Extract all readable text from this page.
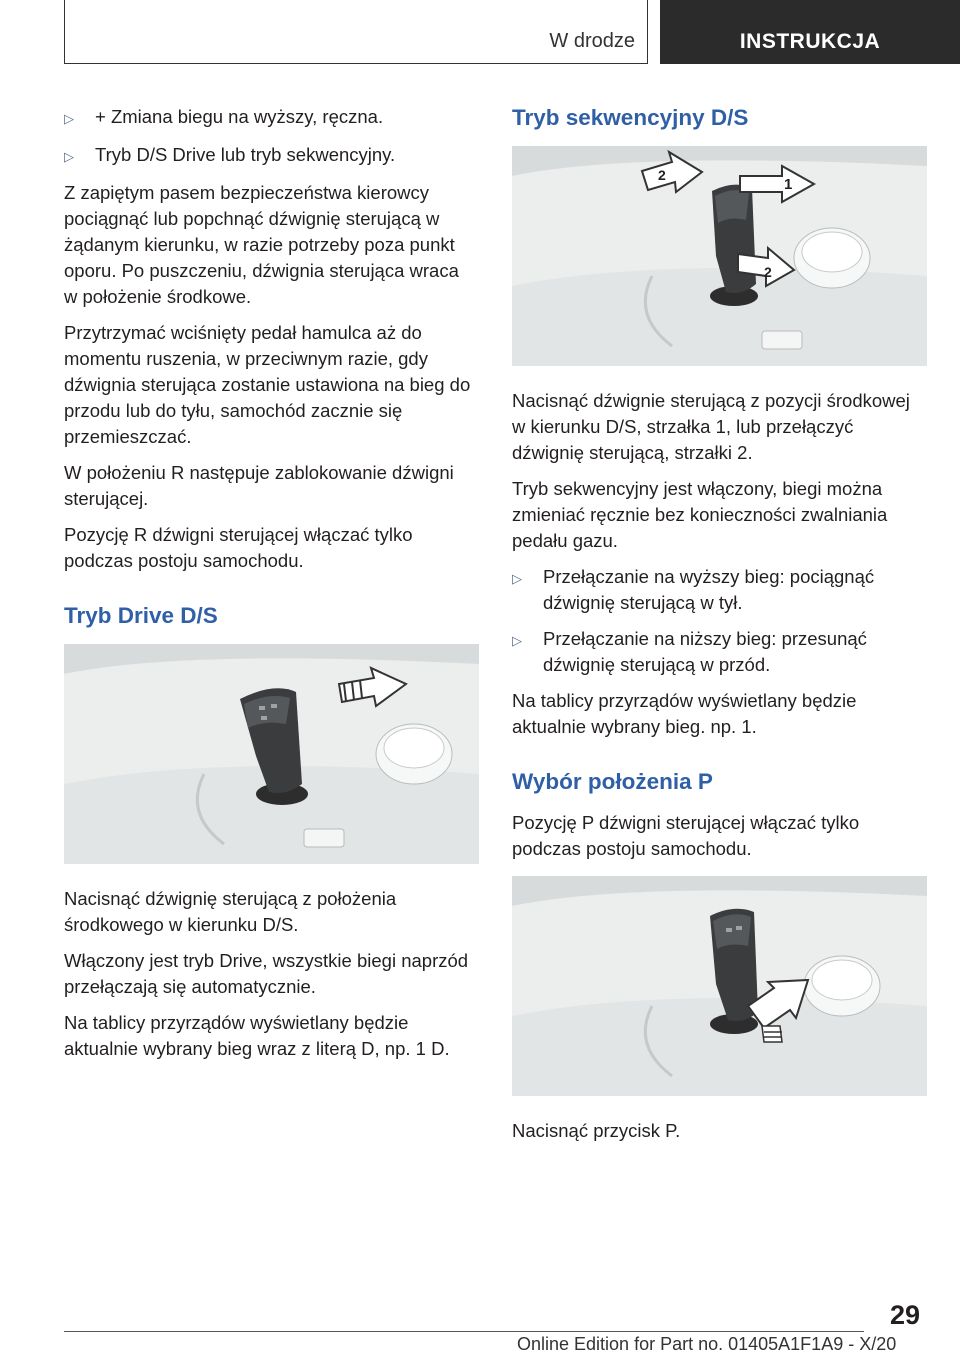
W drodze	INSTRUKCJA
▷	+ Zmiana biegu na wyższy, ręczna.
▷	Tryb D/S Drive lub tryb sekwencyjny.

Z zapiętym pasem bezpieczeństwa kierowcy pociągnąć lub popchnąć dźwignię sterującą w żądanym kierunku, w razie potrzeby poza punkt oporu. Po puszczeniu, dźwignia sterująca wraca w położenie środkowe.

Przytrzymać wciśnięty pedał hamulca aż do momentu ruszenia, w przeciwnym razie, gdy dźwignia sterująca zostanie ustawiona na bieg do przodu lub do tyłu, samochód zacznie się przemieszczać.

W położeniu R następuje zablokowanie dźwigni sterującej.

Pozycję R dźwigni sterującej włączać tylko podczas postoju samochodu.

Tryb Drive D/S

Nacisnąć dźwignię sterującą z położenia środkowego w kierunku D/S.

Włączony jest tryb Drive, wszystkie biegi naprzód przełączają się automatycznie.

Na tablicy przyrządów wyświetlany będzie aktualnie wybrany bieg wraz z literą D, np. 1 D.

Tryb sekwencyjny D/S
2
1
2

Nacisnąć dźwignie sterującą z pozycji środkowej w kierunku D/S, strzałka 1, lub przełączyć dźwignię sterującą, strzałki 2.

Tryb sekwencyjny jest włączony, biegi można zmieniać ręcznie bez konieczności zwalniania pedału gazu.

▷	Przełączanie na wyższy bieg: pociągnąć dźwignię sterującą w tył.
▷	Przełączanie na niższy bieg: przesunąć dźwignię sterującą w przód.

Na tablicy przyrządów wyświetlany będzie aktualnie wybrany bieg. np. 1.

Wybór położenia P

Pozycję P dźwigni sterującej włączać tylko podczas postoju samochodu.

Nacisnąć przycisk P.

29
Online Edition for Part no. 01405A1F1A9 - X/20
